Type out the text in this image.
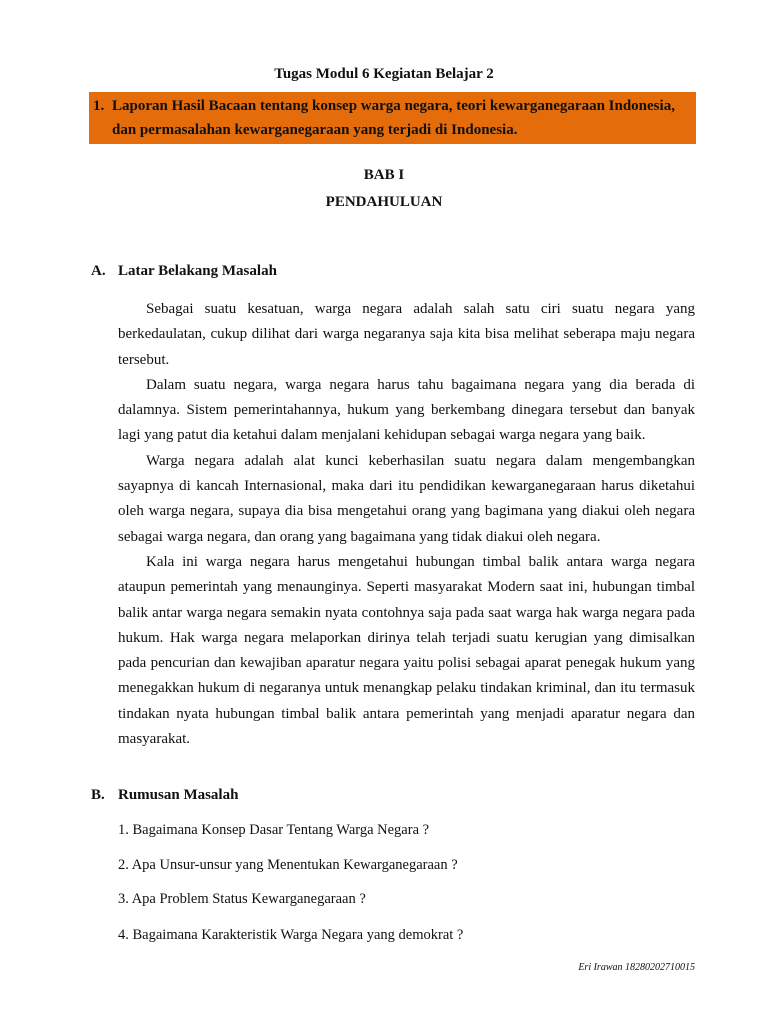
Tugas Modul 6 Kegiatan Belajar 2
1. Laporan Hasil Bacaan tentang konsep warga negara, teori kewarganegaraan Indonesia,
dan permasalahan kewarganegaraan yang terjadi di Indonesia.
BAB I
PENDAHULUAN
A. Latar Belakang Masalah

Sebagai suatu kesatuan, warga negara adalah salah satu ciri suatu negara yang berkedaulatan, cukup dilihat dari warga negaranya saja kita bisa melihat seberapa maju negara tersebut.

Dalam suatu negara, warga negara harus tahu bagaimana negara yang dia berada di dalamnya. Sistem pemerintahannya, hukum yang berkembang dinegara tersebut dan banyak lagi yang patut dia ketahui dalam menjalani kehidupan sebagai warga negara yang baik.

Warga negara adalah alat kunci keberhasilan suatu negara dalam mengembangkan sayapnya di kancah Internasional, maka dari itu pendidikan kewarganegaraan harus diketahui oleh warga negara, supaya dia bisa mengetahui orang yang bagimana yang diakui oleh negara sebagai warga negara, dan orang yang bagaimana yang tidak diakui oleh negara.

Kala ini warga negara harus mengetahui hubungan timbal balik antara warga negara ataupun pemerintah yang menaunginya. Seperti masyarakat Modern saat ini, hubungan timbal balik antar warga negara semakin nyata contohnya saja pada saat warga hak warga negara pada hukum. Hak warga negara melaporkan dirinya telah terjadi suatu kerugian yang dimisalkan pada pencurian dan kewajiban aparatur negara yaitu polisi sebagai aparat penegak hukum yang menegakkan hukum di negaranya untuk menangkap pelaku tindakan kriminal, dan itu termasuk tindakan nyata hubungan timbal balik antara pemerintah yang menjadi aparatur negara dan masyarakat.

B. Rumusan Masalah
1. Bagaimana Konsep Dasar Tentang Warga Negara ?
2. Apa Unsur-unsur yang Menentukan Kewarganegaraan ?
3. Apa Problem Status Kewarganegaraan ?
4. Bagaimana Karakteristik Warga Negara yang demokrat ?
Eri Irawan 18280202710015
